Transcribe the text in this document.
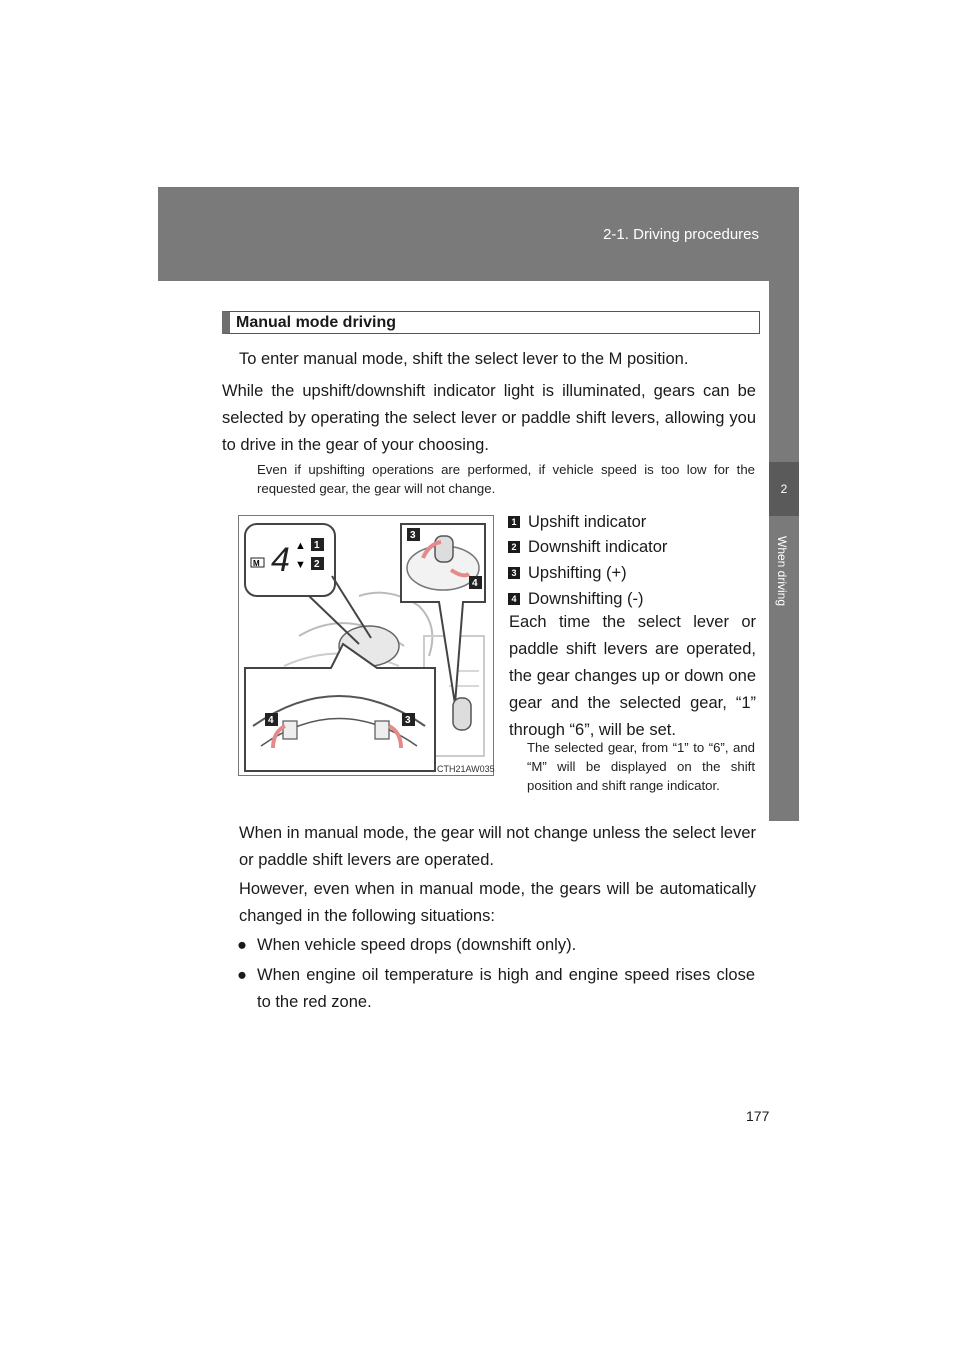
2-1. Driving procedures
2
When driving
Manual mode driving

To enter manual mode, shift the select lever to the M position.

While the upshift/downshift indicator light is illuminated, gears can be selected by operating the select lever or paddle shift levers, allowing you to drive in the gear of your choosing.

Even if upshifting operations are performed, if vehicle speed is too low for the requested gear, the gear will not change.

M 4 ▲
▼
1
2
3
4
4	3
CTH21AW035
1 Upshift indicator
2 Downshift indicator
3 Upshifting (+)
4 Downshifting (-)

Each time the select lever or paddle shift levers are operated, the gear changes up or down one gear and the selected gear, “1” through “6”, will be set.

The selected gear, from “1” to “6”, and “M” will be displayed on the shift position and shift range indicator.

When in manual mode, the gear will not change unless the select lever or paddle shift levers are operated.

However, even when in manual mode, the gears will be automatically changed in the following situations:

● When vehicle speed drops (downshift only).

● When engine oil temperature is high and engine speed rises close to the red zone.

177
